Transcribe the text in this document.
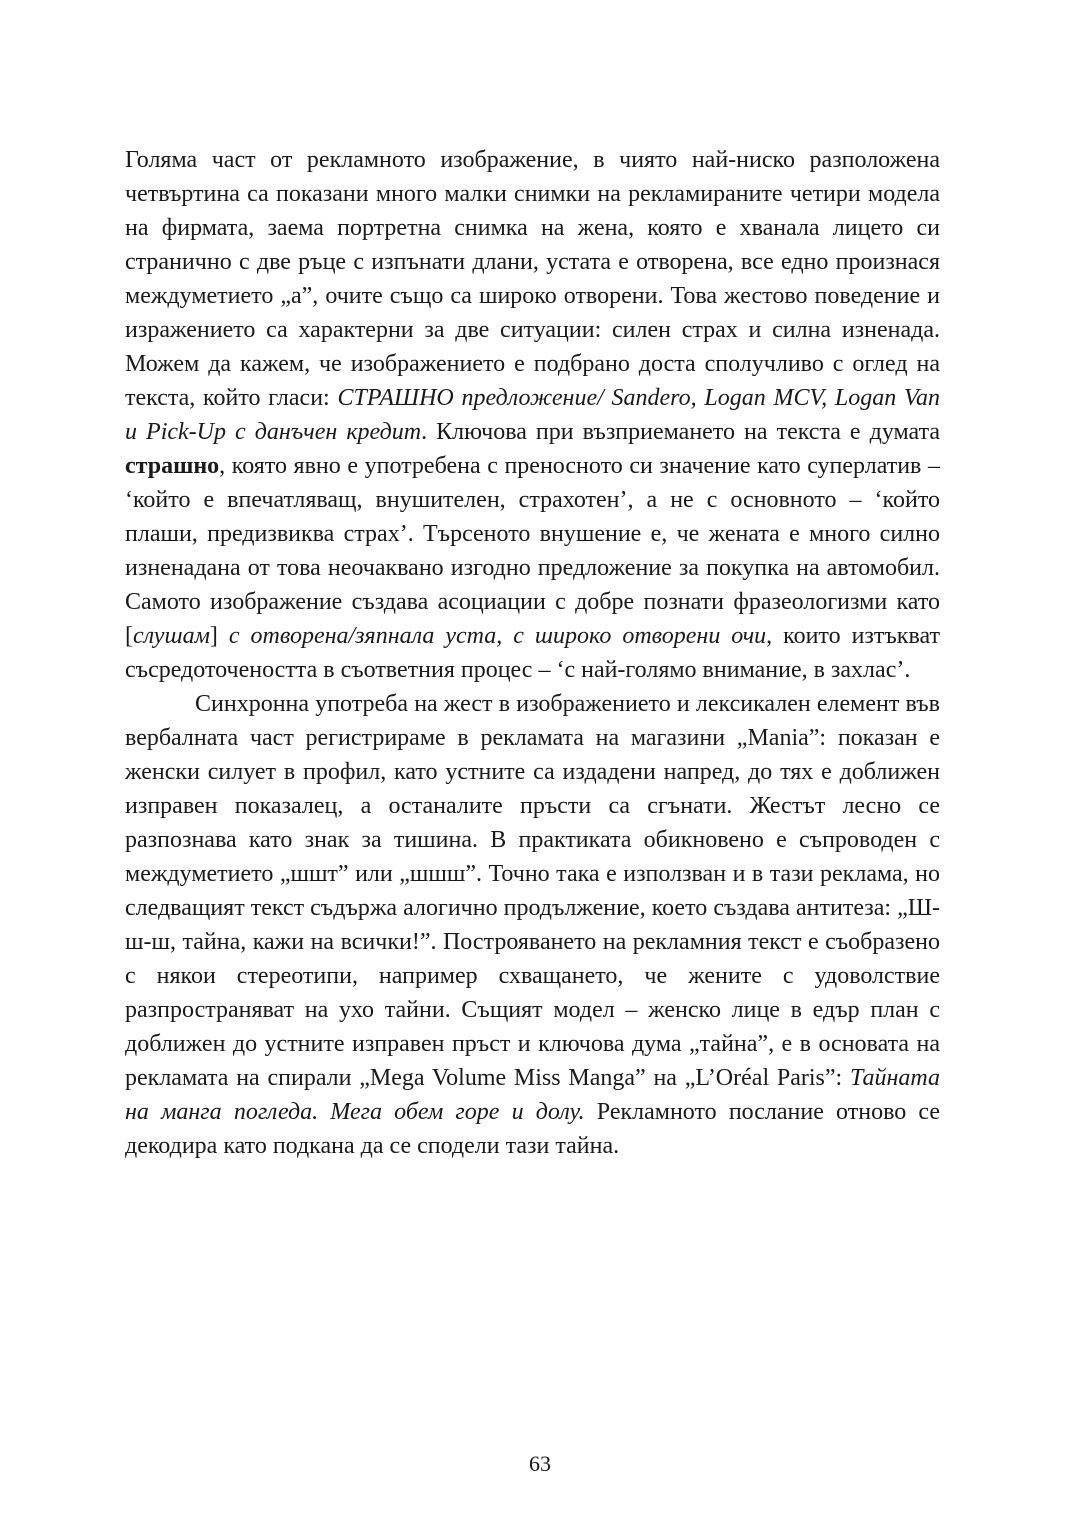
Голяма част от рекламното изображение, в чиято най-ниско разположена четвъртина са показани много малки снимки на рекламираните четири модела на фирмата, заема портретна снимка на жена, която е хванала лицето си странично с две ръце с изпънати длани, устата е отворена, все едно произнася междуметието „а”, очите също са широко отворени. Това жестово поведение и изражението са характерни за две ситуации: силен страх и силна изненада. Можем да кажем, че изображението е подбрано доста сполучливо с оглед на текста, който гласи: СТРАШНО предложение/ Sandero, Logan MCV, Logan Van и Pick-Up с данъчен кредит. Ключова при възприемането на текста е думата страшно, която явно е употребена с преносното си значение като суперлатив – ‘който е впечатляващ, внушителен, страхотен’, а не с основното – ‘който плаши, предизвиква страх’. Търсеното внушение е, че жената е много силно изненадана от това неочаквано изгодно предложение за покупка на автомобил. Самото изображение създава асоциации с добре познати фразеологизми като [слушам] с отворена/зяпнала уста, с широко отворени очи, които изтъкват съсредоточеността в съответния процес – ‘с най-голямо внимание, в захлас’.

Синхронна употреба на жест в изображението и лексикален елемент във вербалната част регистрираме в рекламата на магазини „Mania”: показан е женски силует в профил, като устните са издадени напред, до тях е доближен изправен показалец, а останалите пръсти са сгънати. Жестът лесно се разпознава като знак за тишина. В практиката обикновено е съпроводен с междуметието „шшт” или „шшш”. Точно така е използван и в тази реклама, но следващият текст съдържа алогично продължение, което създава антитеза: „Ш-ш-ш, тайна, кажи на всички!”. Построяването на рекламния текст е съобразено с някои стереотипи, например схващането, че жените с удоволствие разпространяват на ухо тайни. Същият модел – женско лице в едър план с доближен до устните изправен пръст и ключова дума „тайна”, е в основата на рекламата на спирали „Mega Volume Miss Manga” на „L’Oréal Paris”: Тайната на манга погледа. Мега обем горе и долу. Рекламното послание отново се декодира като подкана да се сподели тази тайна.

63
